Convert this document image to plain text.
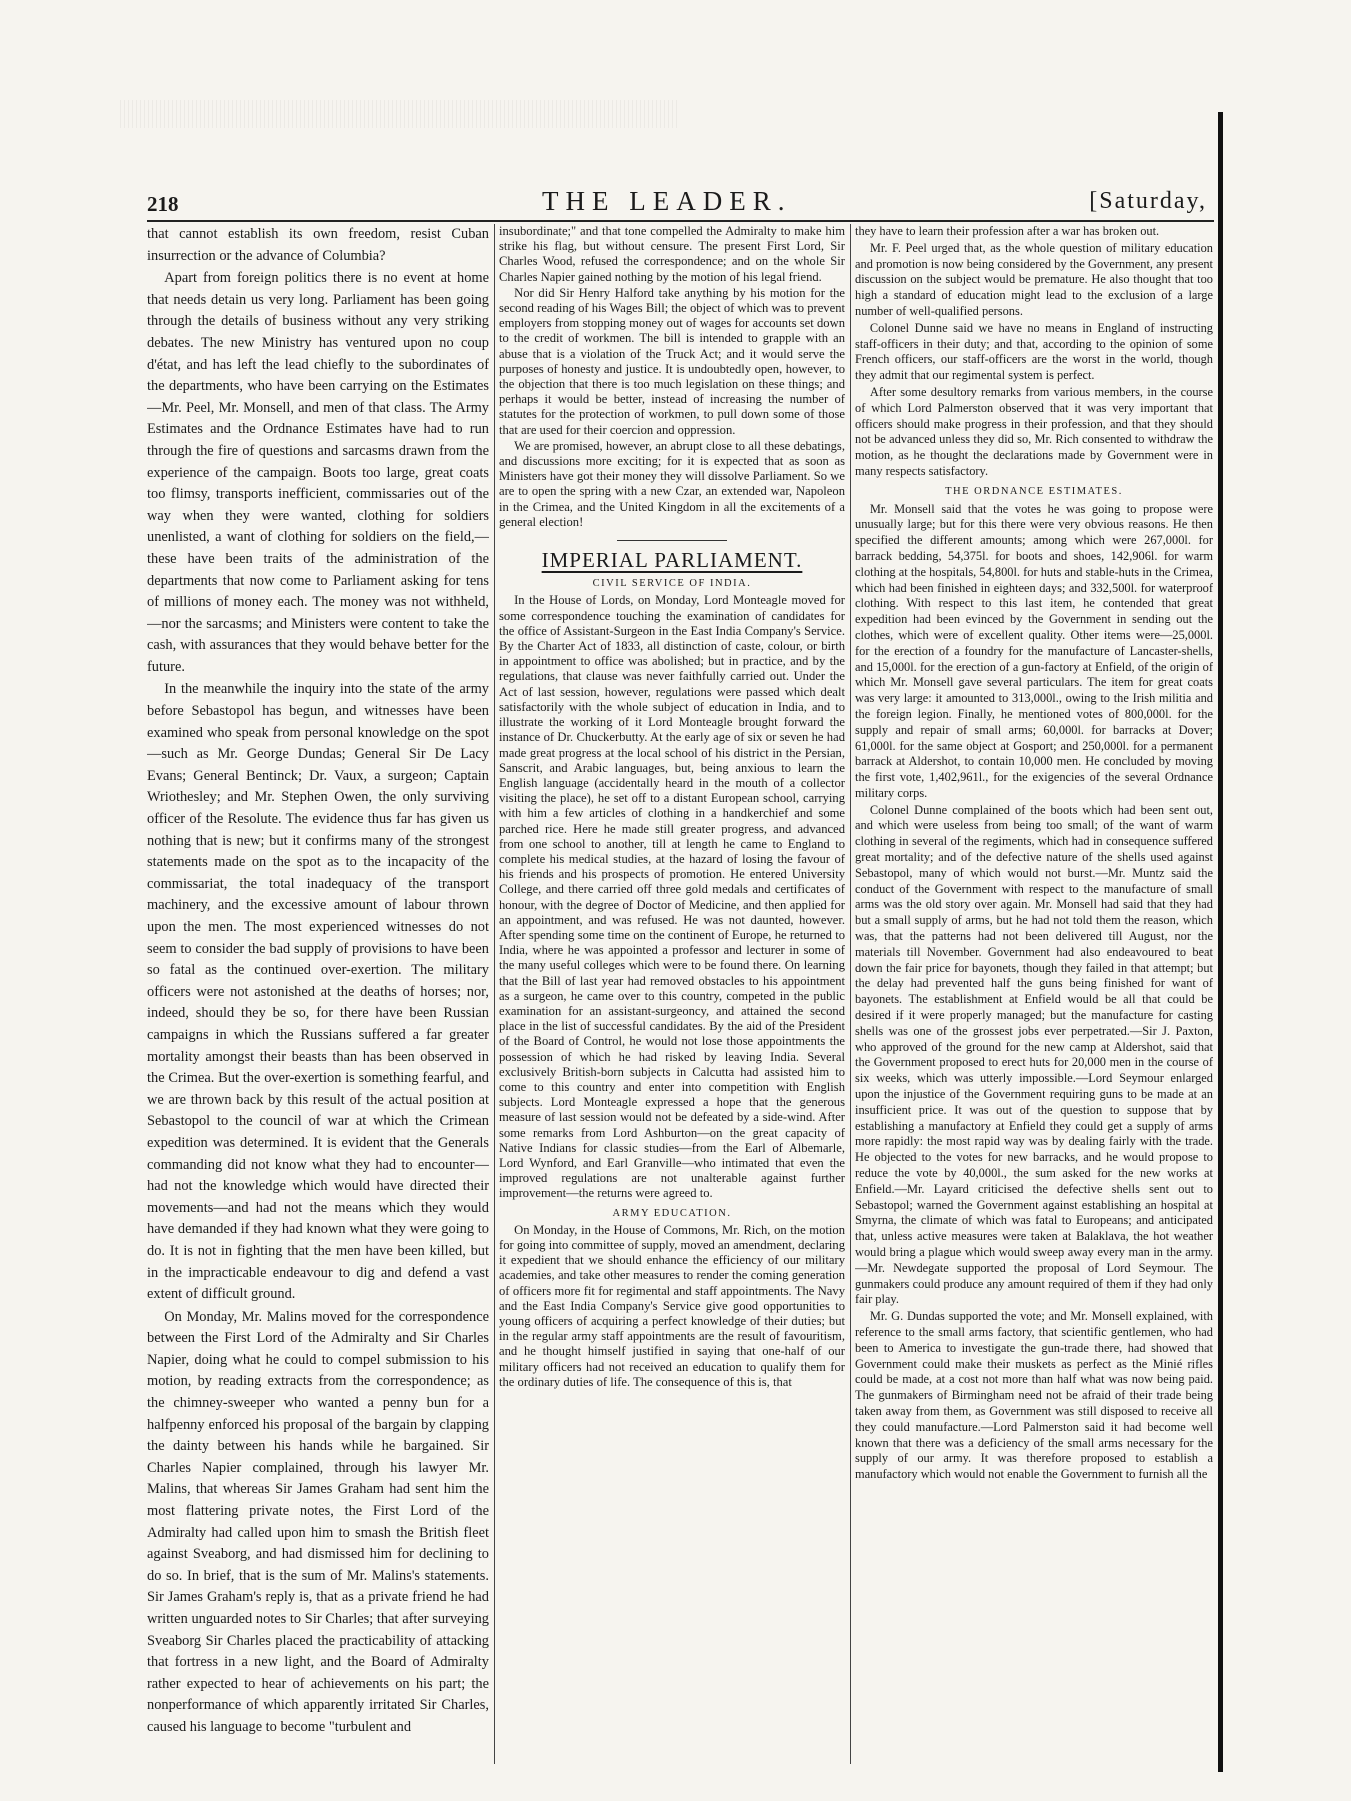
218	THE LEADER.	[Saturday,

that cannot establish its own freedom, resist Cuban insurrection or the advance of Columbia?

Apart from foreign politics there is no event at home that needs detain us very long. Parliament has been going through the details of business without any very striking debates. The new Ministry has ventured upon no coup d'état, and has left the lead chiefly to the subordinates of the departments, who have been carrying on the Estimates—Mr. Peel, Mr. Monsell, and men of that class. The Army Estimates and the Ordnance Estimates have had to run through the fire of questions and sarcasms drawn from the experience of the campaign. Boots too large, great coats too flimsy, transports inefficient, commissaries out of the way when they were wanted, clothing for soldiers unenlisted, a want of clothing for soldiers on the field,—these have been traits of the administration of the departments that now come to Parliament asking for tens of millions of money each. The money was not withheld,—nor the sarcasms; and Ministers were content to take the cash, with assurances that they would behave better for the future.

In the meanwhile the inquiry into the state of the army before Sebastopol has begun, and witnesses have been examined who speak from personal knowledge on the spot—such as Mr. George Dundas; General Sir De Lacy Evans; General Bentinck; Dr. Vaux, a surgeon; Captain Wriothesley; and Mr. Stephen Owen, the only surviving officer of the Resolute. The evidence thus far has given us nothing that is new; but it confirms many of the strongest statements made on the spot as to the incapacity of the commissariat, the total inadequacy of the transport machinery, and the excessive amount of labour thrown upon the men. The most experienced witnesses do not seem to consider the bad supply of provisions to have been so fatal as the continued over-exertion. The military officers were not astonished at the deaths of horses; nor, indeed, should they be so, for there have been Russian campaigns in which the Russians suffered a far greater mortality amongst their beasts than has been observed in the Crimea. But the over-exertion is something fearful, and we are thrown back by this result of the actual position at Sebastopol to the council of war at which the Crimean expedition was determined. It is evident that the Generals commanding did not know what they had to encounter—had not the knowledge which would have directed their movements—and had not the means which they would have demanded if they had known what they were going to do. It is not in fighting that the men have been killed, but in the impracticable endeavour to dig and defend a vast extent of difficult ground.

On Monday, Mr. Malins moved for the correspondence between the First Lord of the Admiralty and Sir Charles Napier, doing what he could to compel submission to his motion, by reading extracts from the correspondence; as the chimney-sweeper who wanted a penny bun for a halfpenny enforced his proposal of the bargain by clapping the dainty between his hands while he bargained. Sir Charles Napier complained, through his lawyer Mr. Malins, that whereas Sir James Graham had sent him the most flattering private notes, the First Lord of the Admiralty had called upon him to smash the British fleet against Sveaborg, and had dismissed him for declining to do so. In brief, that is the sum of Mr. Malins's statements. Sir James Graham's reply is, that as a private friend he had written unguarded notes to Sir Charles; that after surveying Sveaborg Sir Charles placed the practicability of attacking that fortress in a new light, and the Board of Admiralty rather expected to hear of achievements on his part; the nonperformance of which apparently irritated Sir Charles, caused his language to become "turbulent and

insubordinate;" and that tone compelled the Admiralty to make him strike his flag, but without censure. The present First Lord, Sir Charles Wood, refused the correspondence; and on the whole Sir Charles Napier gained nothing by the motion of his legal friend.

Nor did Sir Henry Halford take anything by his motion for the second reading of his Wages Bill; the object of which was to prevent employers from stopping money out of wages for accounts set down to the credit of workmen. The bill is intended to grapple with an abuse that is a violation of the Truck Act; and it would serve the purposes of honesty and justice. It is undoubtedly open, however, to the objection that there is too much legislation on these things; and perhaps it would be better, instead of increasing the number of statutes for the protection of workmen, to pull down some of those that are used for their coercion and oppression.

We are promised, however, an abrupt close to all these debatings, and discussions more exciting; for it is expected that as soon as Ministers have got their money they will dissolve Parliament. So we are to open the spring with a new Czar, an extended war, Napoleon in the Crimea, and the United Kingdom in all the excitements of a general election!

IMPERIAL PARLIAMENT.
CIVIL SERVICE OF INDIA.

In the House of Lords, on Monday, Lord Monteagle moved for some correspondence touching the examination of candidates for the office of Assistant-Surgeon in the East India Company's Service. By the Charter Act of 1833, all distinction of caste, colour, or birth in appointment to office was abolished; but in practice, and by the regulations, that clause was never faithfully carried out. Under the Act of last session, however, regulations were passed which dealt satisfactorily with the whole subject of education in India, and to illustrate the working of it Lord Monteagle brought forward the instance of Dr. Chuckerbutty. At the early age of six or seven he had made great progress at the local school of his district in the Persian, Sanscrit, and Arabic languages, but, being anxious to learn the English language (accidentally heard in the mouth of a collector visiting the place), he set off to a distant European school, carrying with him a few articles of clothing in a handkerchief and some parched rice. Here he made still greater progress, and advanced from one school to another, till at length he came to England to complete his medical studies, at the hazard of losing the favour of his friends and his prospects of promotion. He entered University College, and there carried off three gold medals and certificates of honour, with the degree of Doctor of Medicine, and then applied for an appointment, and was refused. He was not daunted, however. After spending some time on the continent of Europe, he returned to India, where he was appointed a professor and lecturer in some of the many useful colleges which were to be found there. On learning that the Bill of last year had removed obstacles to his appointment as a surgeon, he came over to this country, competed in the public examination for an assistant-surgeoncy, and attained the second place in the list of successful candidates. By the aid of the President of the Board of Control, he would not lose those appointments the possession of which he had risked by leaving India. Several exclusively British-born subjects in Calcutta had assisted him to come to this country and enter into competition with English subjects. Lord Monteagle expressed a hope that the generous measure of last session would not be defeated by a side-wind. After some remarks from Lord Ashburton—on the great capacity of Native Indians for classic studies—from the Earl of Albemarle, Lord Wynford, and Earl Granville—who intimated that even the improved regulations are not unalterable against further improvement—the returns were agreed to.

ARMY EDUCATION.

On Monday, in the House of Commons, Mr. Rich, on the motion for going into committee of supply, moved an amendment, declaring it expedient that we should enhance the efficiency of our military academies, and take other measures to render the coming generation of officers more fit for regimental and staff appointments. The Navy and the East India Company's Service give good opportunities to young officers of acquiring a perfect knowledge of their duties; but in the regular army staff appointments are the result of favouritism, and he thought himself justified in saying that one-half of our military officers had not received an education to qualify them for the ordinary duties of life. The consequence of this is, that

they have to learn their profession after a war has broken out.

Mr. F. Peel urged that, as the whole question of military education and promotion is now being considered by the Government, any present discussion on the subject would be premature. He also thought that too high a standard of education might lead to the exclusion of a large number of well-qualified persons.

Colonel Dunne said we have no means in England of instructing staff-officers in their duty; and that, according to the opinion of some French officers, our staff-officers are the worst in the world, though they admit that our regimental system is perfect.

After some desultory remarks from various members, in the course of which Lord Palmerston observed that it was very important that officers should make progress in their profession, and that they should not be advanced unless they did so, Mr. Rich consented to withdraw the motion, as he thought the declarations made by Government were in many respects satisfactory.

THE ORDNANCE ESTIMATES.

Mr. Monsell said that the votes he was going to propose were unusually large; but for this there were very obvious reasons. He then specified the different amounts; among which were 267,000l. for barrack bedding, 54,375l. for boots and shoes, 142,906l. for warm clothing at the hospitals, 54,800l. for huts and stable-huts in the Crimea, which had been finished in eighteen days; and 332,500l. for waterproof clothing. With respect to this last item, he contended that great expedition had been evinced by the Government in sending out the clothes, which were of excellent quality. Other items were—25,000l. for the erection of a foundry for the manufacture of Lancaster-shells, and 15,000l. for the erection of a gun-factory at Enfield, of the origin of which Mr. Monsell gave several particulars. The item for great coats was very large: it amounted to 313,000l., owing to the Irish militia and the foreign legion. Finally, he mentioned votes of 800,000l. for the supply and repair of small arms; 60,000l. for barracks at Dover; 61,000l. for the same object at Gosport; and 250,000l. for a permanent barrack at Aldershot, to contain 10,000 men. He concluded by moving the first vote, 1,402,961l., for the exigencies of the several Ordnance military corps.

Colonel Dunne complained of the boots which had been sent out, and which were useless from being too small; of the want of warm clothing in several of the regiments, which had in consequence suffered great mortality; and of the defective nature of the shells used against Sebastopol, many of which would not burst.—Mr. Muntz said the conduct of the Government with respect to the manufacture of small arms was the old story over again. Mr. Monsell had said that they had but a small supply of arms, but he had not told them the reason, which was, that the patterns had not been delivered till August, nor the materials till November. Government had also endeavoured to beat down the fair price for bayonets, though they failed in that attempt; but the delay had prevented half the guns being finished for want of bayonets. The establishment at Enfield would be all that could be desired if it were properly managed; but the manufacture for casting shells was one of the grossest jobs ever perpetrated.—Sir J. Paxton, who approved of the ground for the new camp at Aldershot, said that the Government proposed to erect huts for 20,000 men in the course of six weeks, which was utterly impossible.—Lord Seymour enlarged upon the injustice of the Government requiring guns to be made at an insufficient price. It was out of the question to suppose that by establishing a manufactory at Enfield they could get a supply of arms more rapidly: the most rapid way was by dealing fairly with the trade. He objected to the votes for new barracks, and he would propose to reduce the vote by 40,000l., the sum asked for the new works at Enfield.—Mr. Layard criticised the defective shells sent out to Sebastopol; warned the Government against establishing an hospital at Smyrna, the climate of which was fatal to Europeans; and anticipated that, unless active measures were taken at Balaklava, the hot weather would bring a plague which would sweep away every man in the army.—Mr. Newdegate supported the proposal of Lord Seymour. The gunmakers could produce any amount required of them if they had only fair play.

Mr. G. Dundas supported the vote; and Mr. Monsell explained, with reference to the small arms factory, that scientific gentlemen, who had been to America to investigate the gun-trade there, had showed that Government could make their muskets as perfect as the Minié rifles could be made, at a cost not more than half what was now being paid. The gunmakers of Birmingham need not be afraid of their trade being taken away from them, as Government was still disposed to receive all they could manufacture.—Lord Palmerston said it had become well known that there was a deficiency of the small arms necessary for the supply of our army. It was therefore proposed to establish a manufactory which would not enable the Government to furnish all the
